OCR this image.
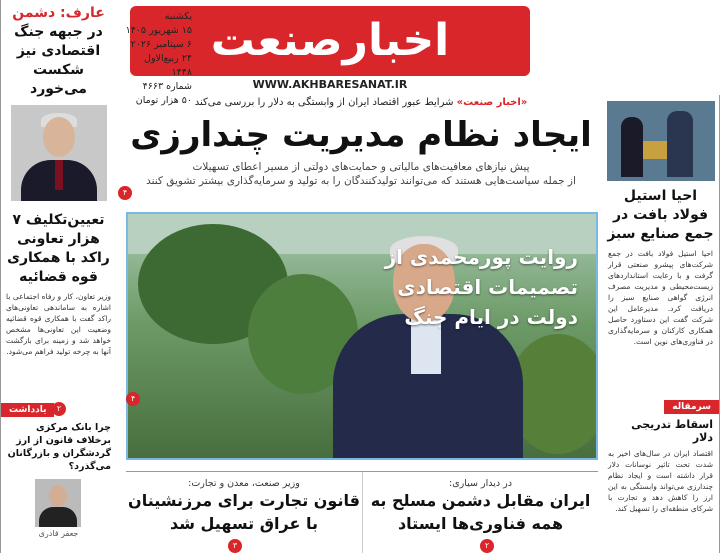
اخبارصنعت
WWW.AKHBARESANAT.IR
یکشنبه
۱۵ شهریور ۱۴۰۵
۶ سپتامبر ۲۰۲۶
۲۴ ربیع‌الاول ۱۴۴۸
شماره ۴۶۶۳
۵۰ هزار تومان
عارف: دشمن در جبهه جنگ اقتصادی نیز شکست می‌خورد
تعیین‌تکلیف ۷ هزار تعاونی راکد با همکاری قوه قضائیه
وزیر تعاون، کار و رفاه اجتماعی با اشاره به ساماندهی تعاونی‌های راکد گفت با همکاری قوه قضائیه وضعیت این تعاونی‌ها مشخص خواهد شد و زمینه برای بازگشت آنها به چرخه تولید فراهم می‌شود.
یادداشت
چرا بانک مرکزی برخلاف قانون از ارز گردشگران و بازرگانان می‌گذرد؟
جعفر قادری
«اخبار صنعت» شرایط عبور اقتصاد ایران از وابستگی به دلار را بررسی می‌کند
ایجاد نظام مدیریت چندارزی
پیش نیازهای معافیت‌های مالیاتی و حمایت‌های دولتی از مسیر اعطای تسهیلات
از جمله سیاست‌هایی هستند که می‌توانند تولیدکنندگان را به تولید و سرمایه‌گذاری بیشتر تشویق کنند
روایت پورمحمدی از تصمیمات اقتصادی دولت در ایام جنگ
در دیدار سیاری:
ایران مقابل دشمن مسلح به همه فناوری‌ها ایستاد
وزیر صنعت، معدن و تجارت:
قانون تجارت برای مرزنشینان با عراق تسهیل شد
احیا استیل فولاد بافت در جمع صنایع سبز
احیا استیل فولاد بافت در جمع شرکت‌های پیشرو صنعتی قرار گرفت و با رعایت استانداردهای زیست‌محیطی و مدیریت مصرف انرژی گواهی صنایع سبز را دریافت کرد. مدیرعامل این شرکت گفت این دستاورد حاصل همکاری کارکنان و سرمایه‌گذاری در فناوری‌های نوین است.
سرمقاله
اسقاط تدریجی دلار
اقتصاد ایران در سال‌های اخیر به شدت تحت تاثیر نوسانات دلار قرار داشته است و ایجاد نظام چندارزی می‌تواند وابستگی به این ارز را کاهش دهد و تجارت با شرکای منطقه‌ای را تسهیل کند.
۴
۴
۲
۳	۲
